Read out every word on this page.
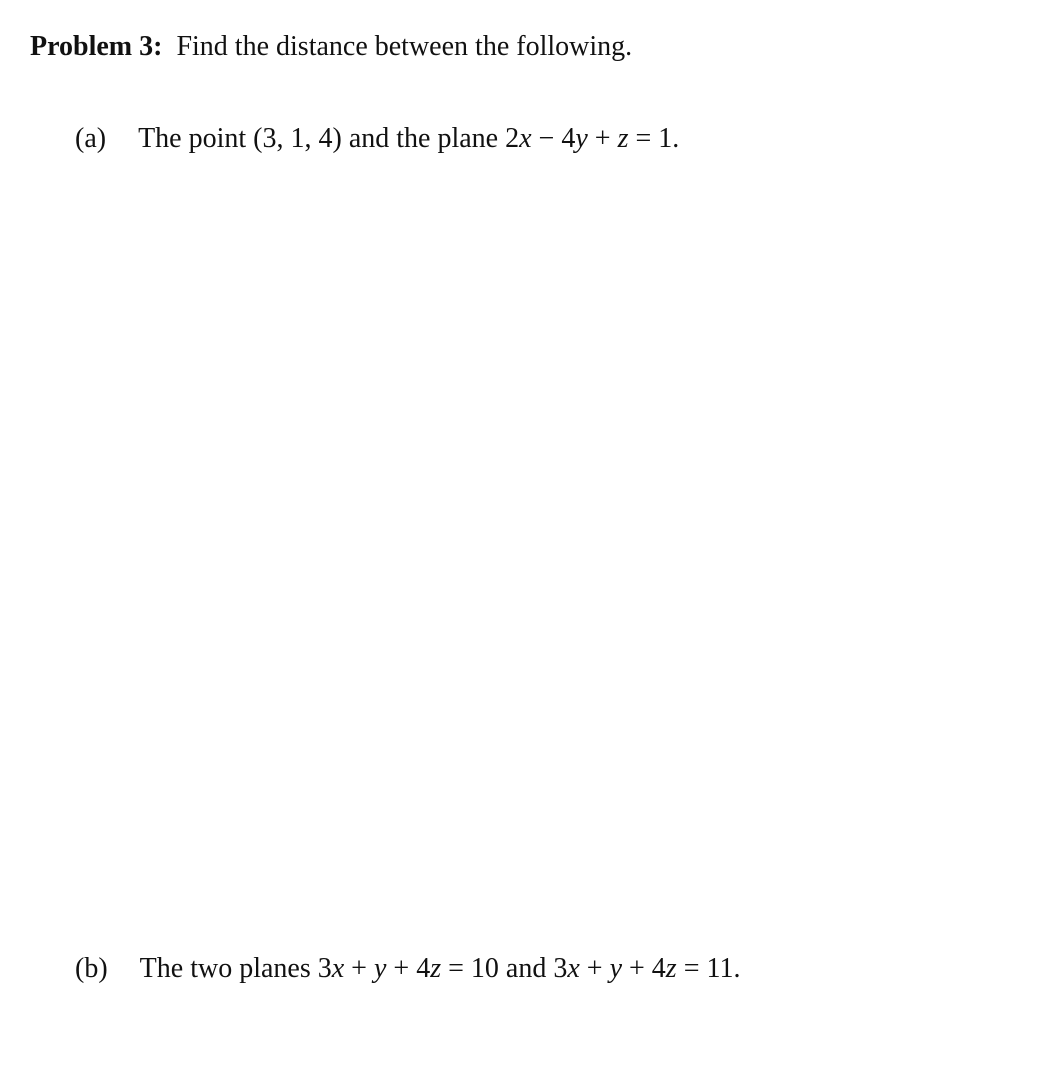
Problem 3: Find the distance between the following.
(a) The point (3, 1, 4) and the plane 2x − 4y + z = 1.
(b) The two planes 3x + y + 4z = 10 and 3x + y + 4z = 11.
